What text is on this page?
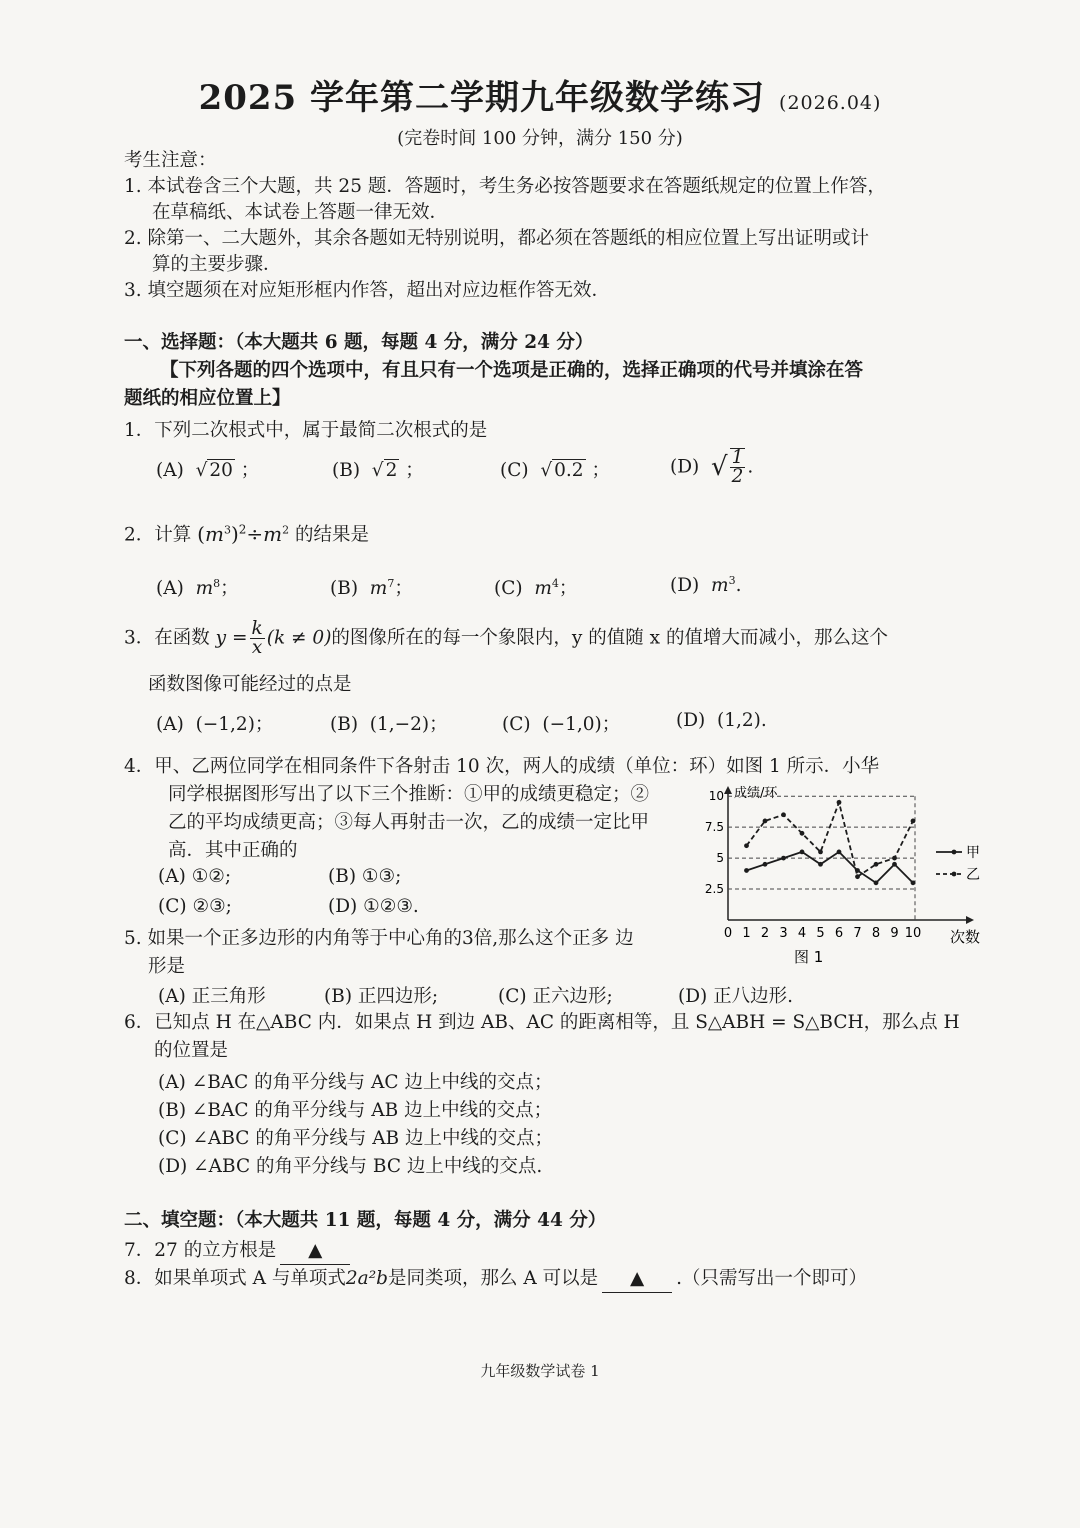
2025 学年第二学期九年级数学练习 (2026.04)
(完卷时间 100 分钟，满分 150 分)
考生注意：
1. 本试卷含三个大题，共 25 题．答题时，考生务必按答题要求在答题纸规定的位置上作答，
在草稿纸、本试卷上答题一律无效．
2. 除第一、二大题外，其余各题如无特别说明，都必须在答题纸的相应位置上写出证明或计
算的主要步骤．
3. 填空题须在对应矩形框内作答，超出对应边框作答无效．
一、选择题：（本大题共 6 题，每题 4 分，满分 24 分）
【下列各题的四个选项中，有且只有一个选项是正确的，选择正确项的代号并填涂在答
题纸的相应位置上】
1．下列二次根式中，属于最简二次根式的是
(A) √ 20 ；	(B) √ 2 ；	(C) √ 0.2 ；	(D) √ $\frac{1}{2}$ .
2．计算 $(m^3)^2\div m^2$ 的结果是
(A) $m^8$；	(B) $m^7$；	(C) $m^4$；	(D) $m^3$.
3．在函数 $y = \frac{k}{x} (k \ne 0)$的图像所在的每一个象限内，y 的值随 x 的值增大而减小，那么这个
函数图像可能经过的点是
(A) (−1,2)；	(B) (1,−2)；	(C) (−1,0)；	(D) (1,2).
4．甲、乙两位同学在相同条件下各射击 10 次，两人的成绩（单位：环）如图 1 所示．小华
同学根据图形写出了以下三个推断：①甲的成绩更稳定；②
乙的平均成绩更高；③每人再射击一次，乙的成绩一定比甲
高．其中正确的
(A) ①②;	(B) ①③;
(C) ②③;	(D) ①②③.
成绩/环
次数
图 1
2.5
5
7.5
10
0 1 2 3 4 5 6 7 8 9 10
甲
乙
5. 如果一个正多边形的内角等于中心角的3倍,那么这个正多 边
形是
(A) 正三角形	(B) 正四边形;	(C) 正六边形;	(D) 正八边形.
6．已知点 H 在△ABC 内．如果点 H 到边 AB、AC 的距离相等，且 S△ABH = S△BCH，那么点 H
的位置是
(A) ∠BAC 的角平分线与 AC 边上中线的交点；
(B) ∠BAC 的角平分线与 AB 边上中线的交点；
(C) ∠ABC 的角平分线与 AB 边上中线的交点；
(D) ∠ABC 的角平分线与 BC 边上中线的交点.
二、填空题：（本大题共 11 题，每题 4 分，满分 44 分）
7．27 的立方根是 ▲
8．如果单项式 A 与单项式2a²b是同类项，那么 A 可以是 ▲ .（只需写出一个即可）
九年级数学试卷 1
